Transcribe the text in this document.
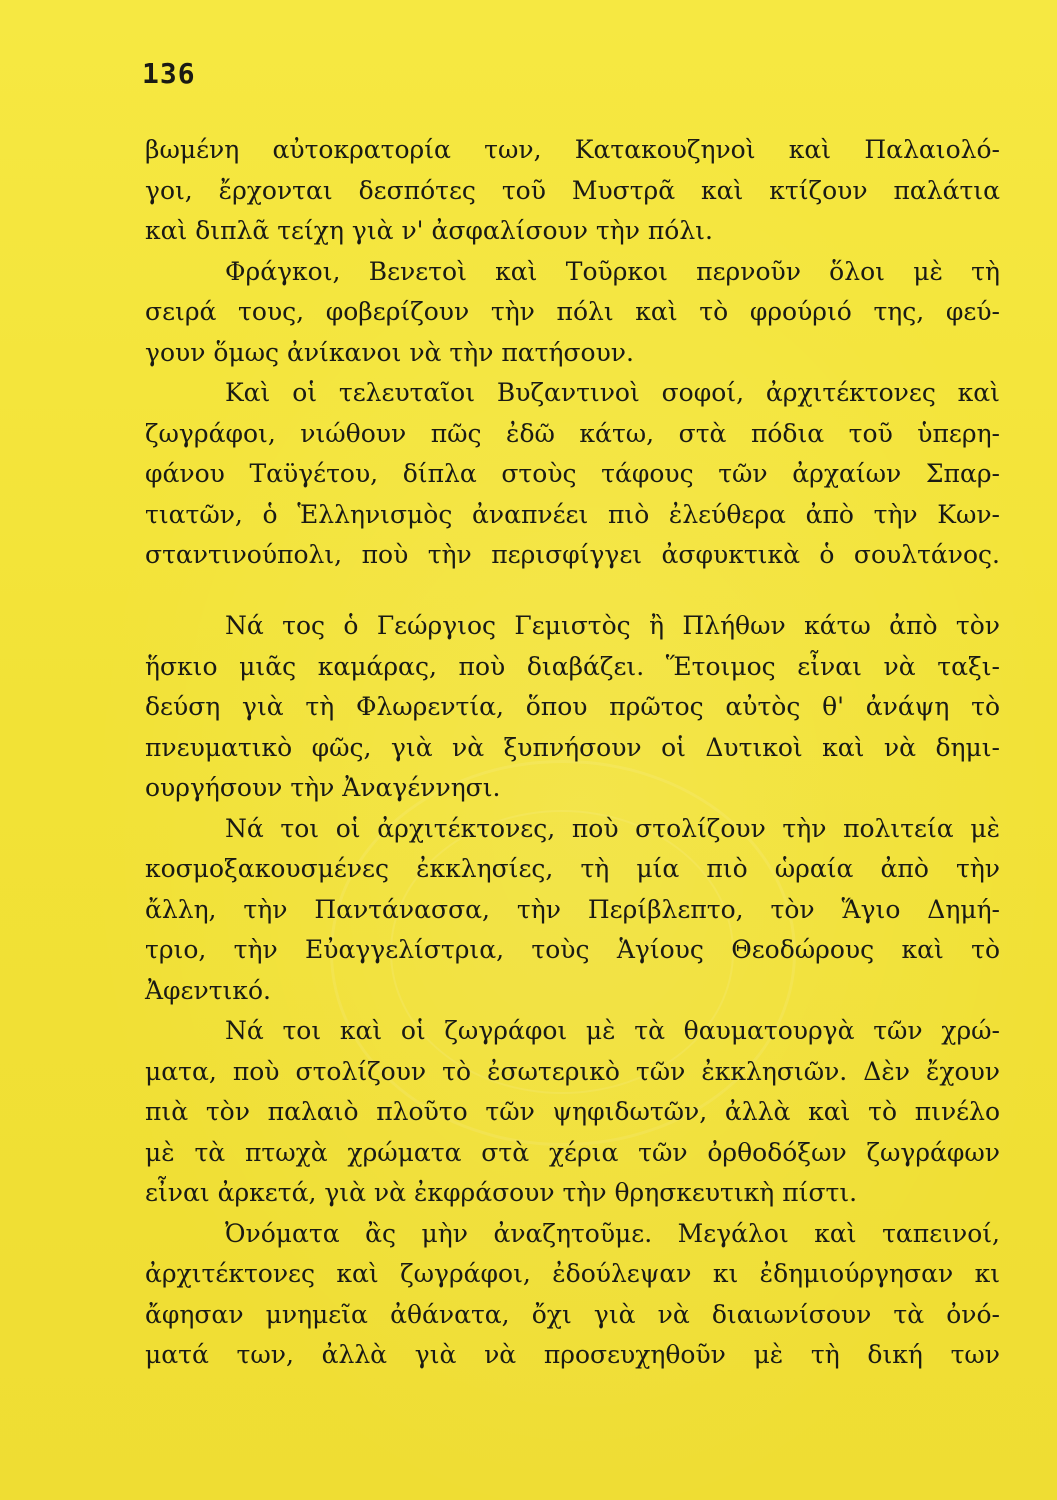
136
βωμένη αὐτοκρατορία των, Κατακουζηνοὶ καὶ Παλαιολό-
γοι, ἔρχονται δεσπότες τοῦ Μυστρᾶ καὶ κτίζουν παλάτια
καὶ διπλᾶ τείχη γιὰ ν' ἀσφαλίσουν τὴν πόλι.
Φράγκοι, Βενετοὶ καὶ Τοῦρκοι περνοῦν ὅλοι μὲ τὴ
σειρά τους, φοβερίζουν τὴν πόλι καὶ τὸ φρούριό της, φεύ-
γουν ὅμως ἀνίκανοι νὰ τὴν πατήσουν.
Καὶ οἱ τελευταῖοι Βυζαντινοὶ σοφοί, ἀρχιτέκτονες καὶ
ζωγράφοι, νιώθουν πῶς ἐδῶ κάτω, στὰ πόδια τοῦ ὑπερη-
φάνου Ταϋγέτου, δίπλα στοὺς τάφους τῶν ἀρχαίων Σπαρ-
τιατῶν, ὁ Ἑλληνισμὸς ἀναπνέει πιὸ ἐλεύθερα ἀπὸ τὴν Κων-
σταντινούπολι, ποὺ τὴν περισφίγγει ἀσφυκτικὰ ὁ σουλτάνος.
Νά τος ὁ Γεώργιος Γεμιστὸς ἢ Πλήθων κάτω ἀπὸ τὸν
ἥσκιο μιᾶς καμάρας, ποὺ διαβάζει. Ἕτοιμος εἶναι νὰ ταξι-
δεύση γιὰ τὴ Φλωρεντία, ὅπου πρῶτος αὐτὸς θ' ἀνάψη τὸ
πνευματικὸ φῶς, γιὰ νὰ ξυπνήσουν οἱ Δυτικοὶ καὶ νὰ δημι-
ουργήσουν τὴν Ἀναγέννησι.
Νά τοι οἱ ἀρχιτέκτονες, ποὺ στολίζουν τὴν πολιτεία μὲ
κοσμοξακουσμένες ἐκκλησίες, τὴ μία πιὸ ὡραία ἀπὸ τὴν
ἄλλη, τὴν Παντάνασσα, τὴν Περίβλεπτο, τὸν Ἅγιο Δημή-
τριο, τὴν Εὐαγγελίστρια, τοὺς Ἁγίους Θεοδώρους καὶ τὸ
Ἀφεντικό.
Νά τοι καὶ οἱ ζωγράφοι μὲ τὰ θαυματουργὰ τῶν χρώ-
ματα, ποὺ στολίζουν τὸ ἐσωτερικὸ τῶν ἐκκλησιῶν. Δὲν ἔχουν
πιὰ τὸν παλαιὸ πλοῦτο τῶν ψηφιδωτῶν, ἀλλὰ καὶ τὸ πινέλο
μὲ τὰ πτωχὰ χρώματα στὰ χέρια τῶν ὀρθοδόξων ζωγράφων
εἶναι ἀρκετά, γιὰ νὰ ἐκφράσουν τὴν θρησκευτικὴ πίστι.
Ὀνόματα ἂς μὴν ἀναζητοῦμε. Μεγάλοι καὶ ταπεινοί,
ἀρχιτέκτονες καὶ ζωγράφοι, ἐδούλεψαν κι ἐδημιούργησαν κι
ἄφησαν μνημεῖα ἀθάνατα, ὄχι γιὰ νὰ διαιωνίσουν τὰ ὀνό-
ματά των, ἀλλὰ γιὰ νὰ προσευχηθοῦν μὲ τὴ δική των
